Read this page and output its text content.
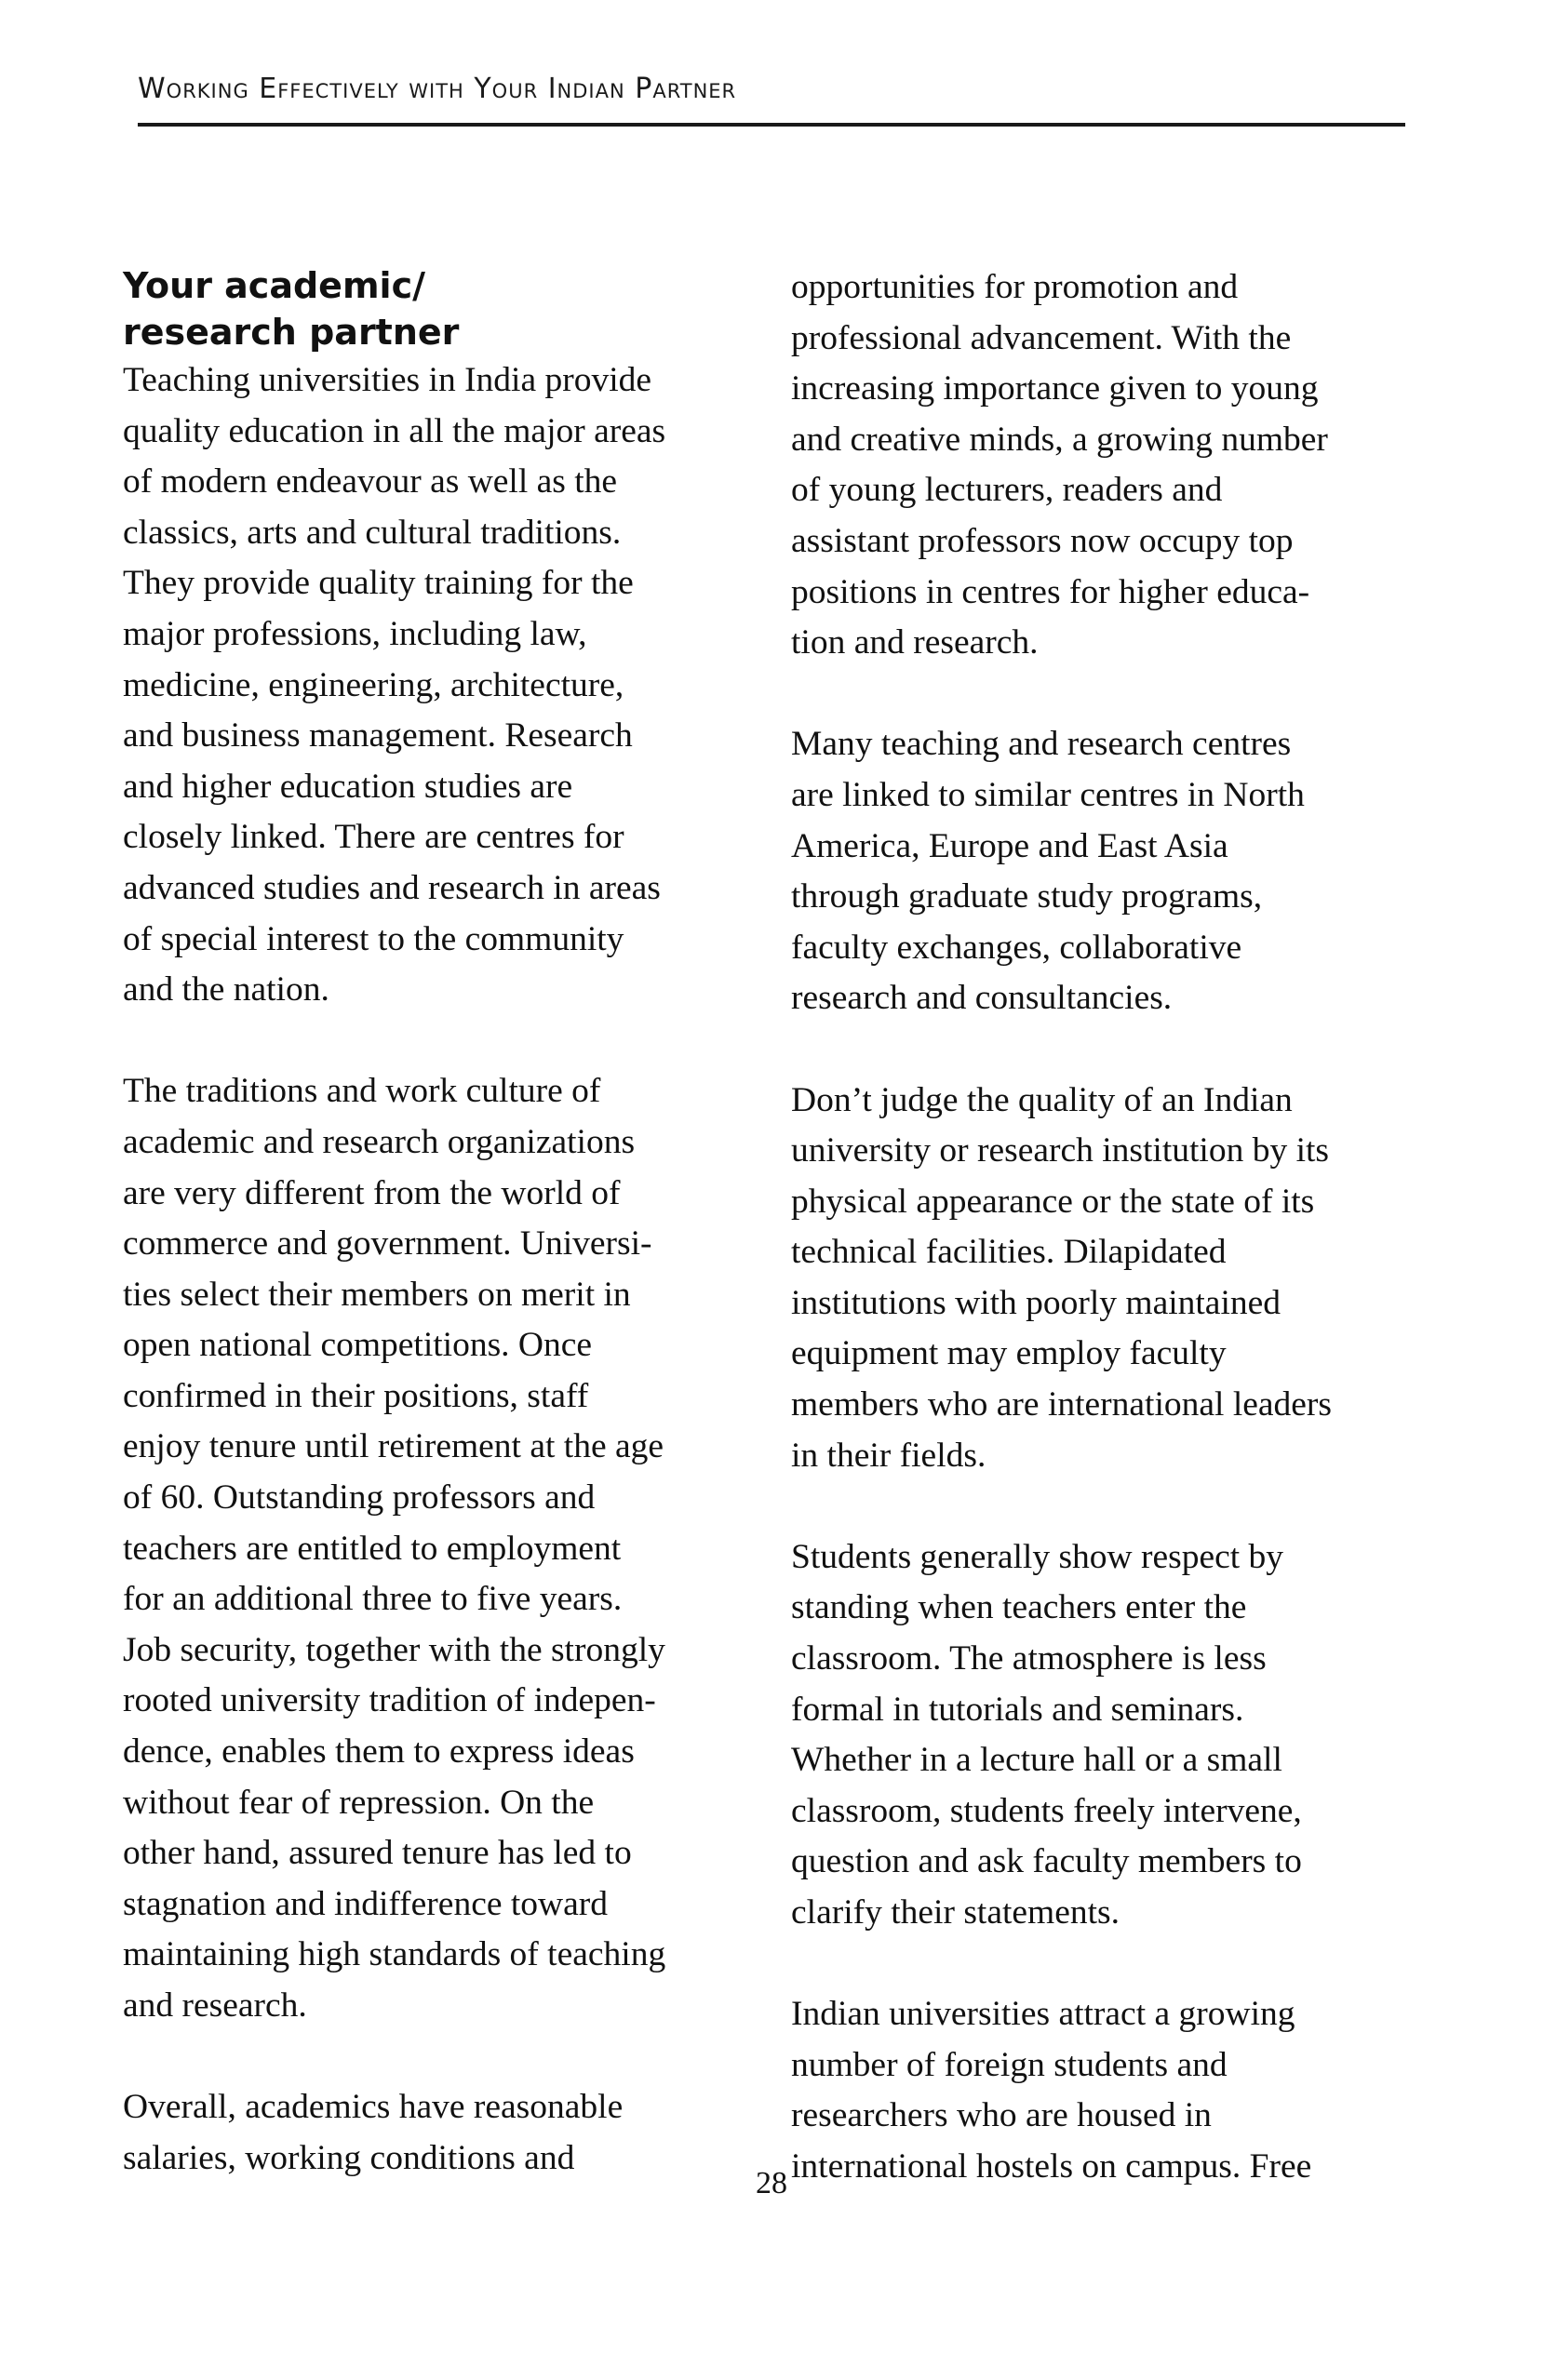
Working Effectively with Your Indian Partner
Your academic/
research partner

Teaching universities in India provide
quality education in all the major areas
of modern endeavour as well as the
classics, arts and cultural traditions.
They provide quality training for the
major professions, including law,
medicine, engineering, architecture,
and business management. Research
and higher education studies are
closely linked. There are centres for
advanced studies and research in areas
of special interest to the community
and the nation.

The traditions and work culture of
academic and research organizations
are very different from the world of
commerce and government. Universi-
ties select their members on merit in
open national competitions. Once
confirmed in their positions, staff
enjoy tenure until retirement at the age
of 60. Outstanding professors and
teachers are entitled to employment
for an additional three to five years.
Job security, together with the strongly
rooted university tradition of indepen-
dence, enables them to express ideas
without fear of repression. On the
other hand, assured tenure has led to
stagnation and indifference toward
maintaining high standards of teaching
and research.

Overall, academics have reasonable
salaries, working conditions and

opportunities for promotion and
professional advancement. With the
increasing importance given to young
and creative minds, a growing number
of young lecturers, readers and
assistant professors now occupy top
positions in centres for higher educa-
tion and research.

Many teaching and research centres
are linked to similar centres in North
America, Europe and East Asia
through graduate study programs,
faculty exchanges, collaborative
research and consultancies.

Don’t judge the quality of an Indian
university or research institution by its
physical appearance or the state of its
technical facilities. Dilapidated
institutions with poorly maintained
equipment may employ faculty
members who are international leaders
in their fields.

Students generally show respect by
standing when teachers enter the
classroom. The atmosphere is less
formal in tutorials and seminars.
Whether in a lecture hall or a small
classroom, students freely intervene,
question and ask faculty members to
clarify their statements.

Indian universities attract a growing
number of foreign students and
researchers who are housed in
international hostels on campus. Free

28
